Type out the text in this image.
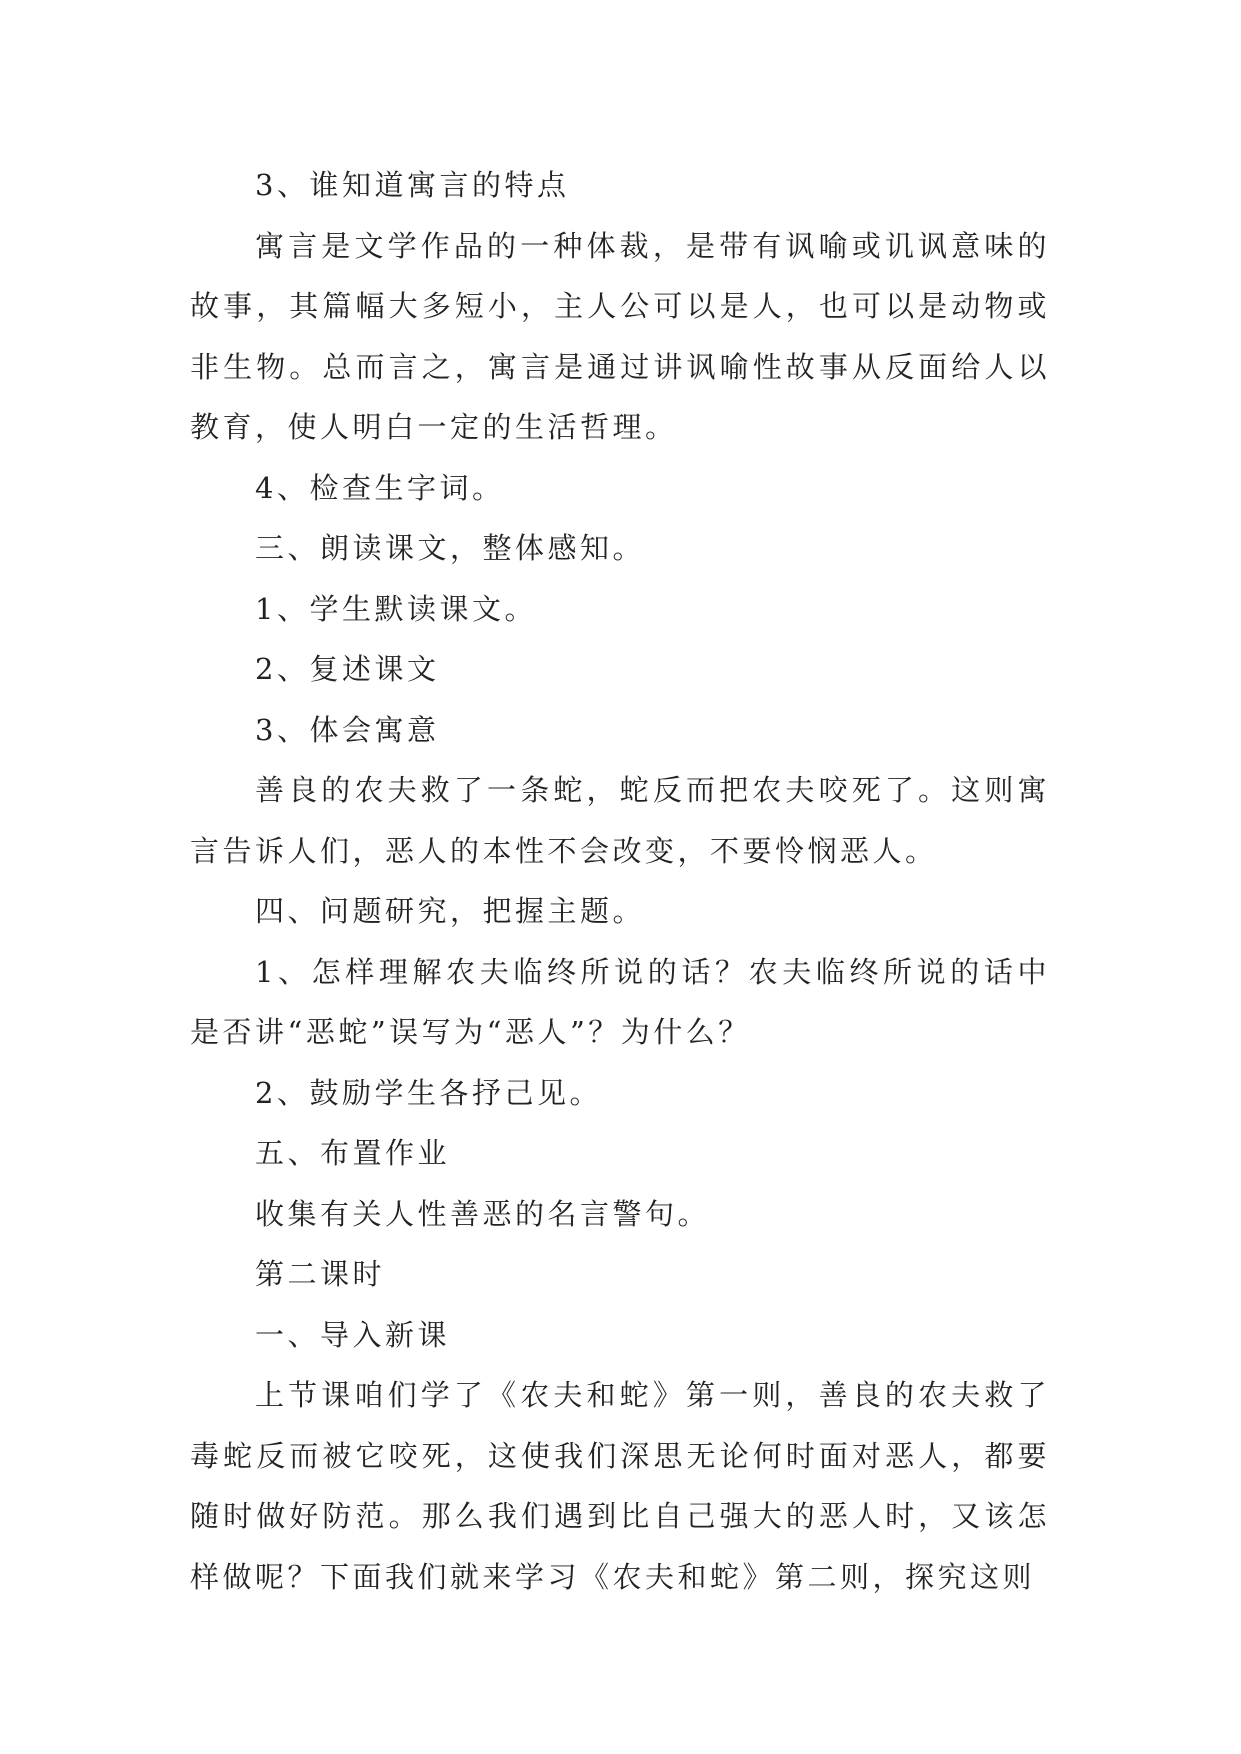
3、谁知道寓言的特点

寓言是文学作品的一种体裁，是带有讽喻或讥讽意味的故事，其篇幅大多短小，主人公可以是人，也可以是动物或非生物。总而言之，寓言是通过讲讽喻性故事从反面给人以教育，使人明白一定的生活哲理。

4、检查生字词。

三、朗读课文，整体感知。

1、学生默读课文。

2、复述课文

3、体会寓意

善良的农夫救了一条蛇，蛇反而把农夫咬死了。这则寓言告诉人们，恶人的本性不会改变，不要怜悯恶人。

四、问题研究，把握主题。

1、怎样理解农夫临终所说的话？农夫临终所说的话中是否讲“恶蛇”误写为“恶人”？为什么？

2、鼓励学生各抒己见。

五、布置作业

收集有关人性善恶的名言警句。

第二课时

一、导入新课

上节课咱们学了《农夫和蛇》第一则，善良的农夫救了毒蛇反而被它咬死，这使我们深思无论何时面对恶人，都要随时做好防范。那么我们遇到比自己强大的恶人时，又该怎样做呢？下面我们就来学习《农夫和蛇》第二则，探究这则
